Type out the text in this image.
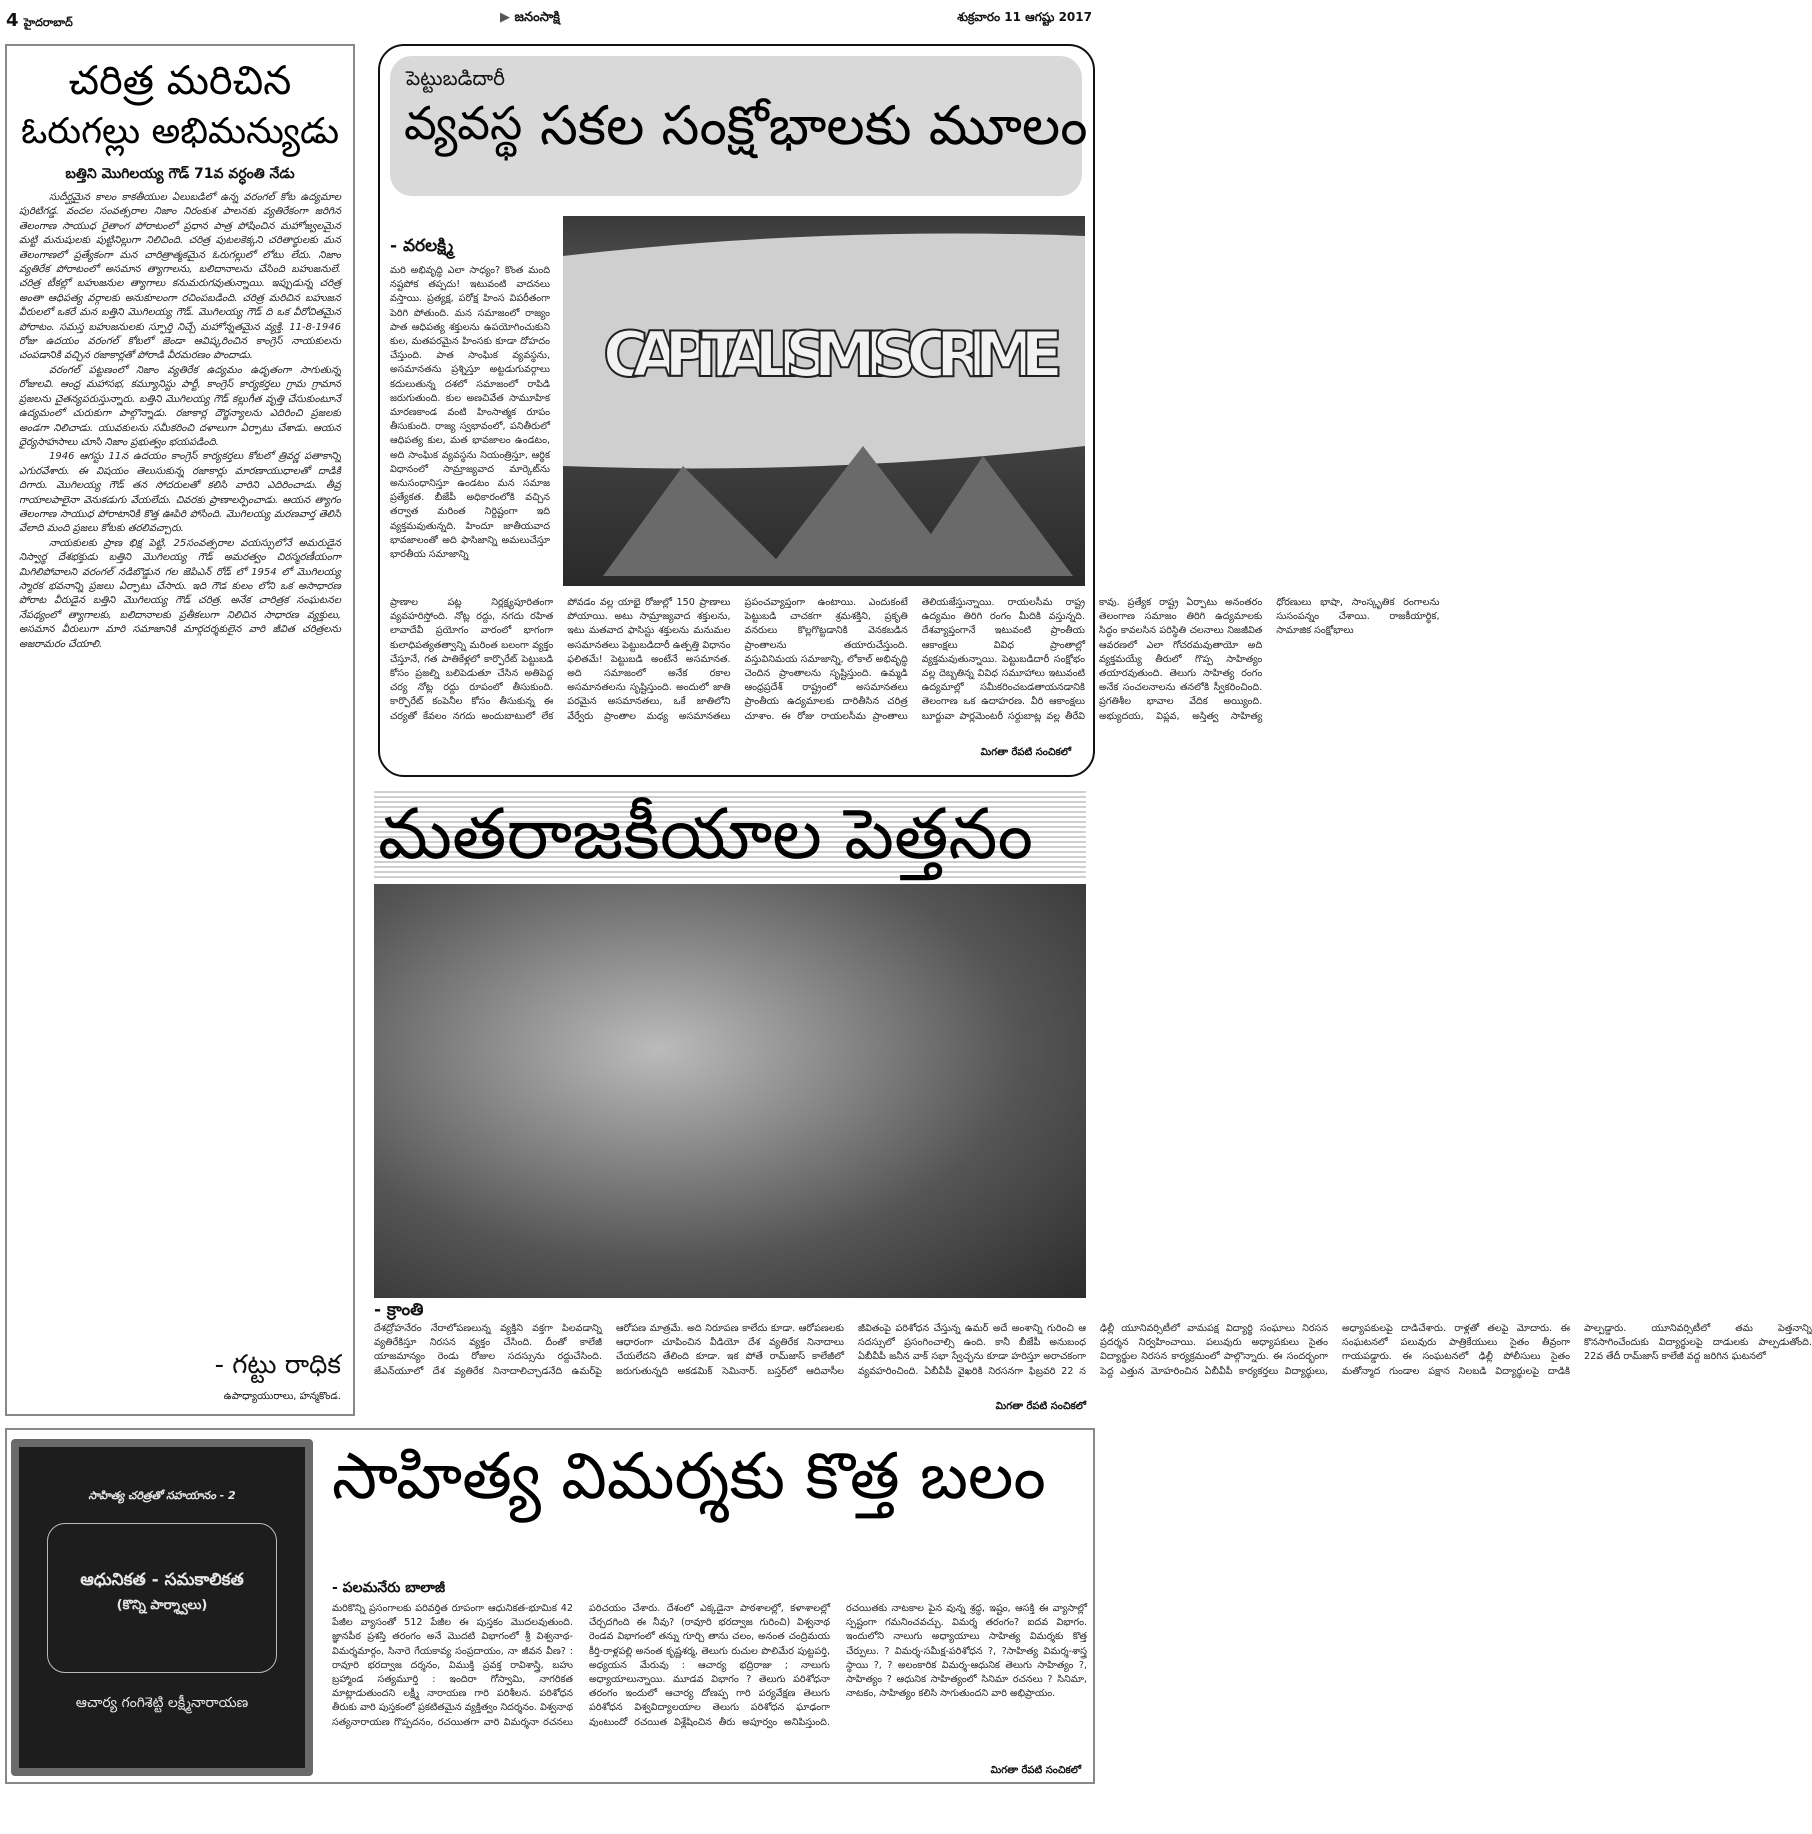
4 హైదరాబాద్	▶ జనంసాక్షి	శుక్రవారం 11 ఆగష్టు 2017
చరిత్ర మరిచిన
ఓరుగల్లు అభిమన్యుడు
బత్తిని మొగిలయ్య గౌడ్ 71వ వర్ధంతి నేడు

సుదీర్ఘమైన కాలం కాకతీయుల ఏలుబడిలో ఉన్న వరంగల్ కోట ఉద్యమాల పురిటిగడ్డ. వందల సంవత్సరాల నిజాం నిరంకుశ పాలనకు వ్యతిరేకంగా జరిగిన తెలంగాణ సాయుధ రైతాంగ పోరాటంలో ప్రధాన పాత్ర పోషించిన మహోజ్వలమైన మట్టి మనుషులకు పుట్టినిల్లుగా నిలిచింది. చరిత్ర పుటలకెక్కని చరితార్థులకు మన తెలంగాణలో ప్రత్యేకంగా మన చారిత్రాత్మకమైన ఓరుగల్లులో లోటు లేదు. నిజాం వ్యతిరేక పోరాటంలో అసమాన త్యాగాలను, బలిదానాలను చేసింది బహుజనులే. చరిత్ర టీకల్లో బహుజనుల త్యాగాలు కనుమరుగవుతున్నాయి. ఇప్పుడున్న చరిత్ర అంతా ఆధిపత్య వర్గాలకు అనుకూలంగా రచింపబడింది. చరిత్ర మరిచిన బహుజన వీరులలో ఒకరే మన బత్తిని మొగిలయ్య గౌడ్. మొగిలయ్య గౌడ్ ది ఒక వీరోచితమైన పోరాటం. సమస్త బహుజనులకు స్ఫూర్తి నిచ్చే మహోన్నతమైన వ్యక్తి. 11-8-1946 రోజు ఉదయం వరంగల్ కోటలో జెండా ఆవిష్కరించిన కాంగ్రెస్ నాయకులను చంపడానికి వచ్చిన రజాకార్లతో పోరాడి వీరమరణం పొందాడు.

వరంగల్ పట్టణంలో నిజాం వ్యతిరేక ఉద్యమం ఉధృతంగా సాగుతున్న రోజులవి. ఆంధ్ర మహాసభ, కమ్యూనిస్టు పార్టీ, కాంగ్రెస్ కార్యకర్తలు గ్రామ గ్రామాన ప్రజలను చైతన్యపరుస్తున్నారు. బత్తిని మొగిలయ్య గౌడ్ కల్లుగీత వృత్తి చేసుకుంటూనే ఉద్యమంలో చురుకుగా పాల్గొన్నాడు. రజాకార్ల దౌర్జన్యాలను ఎదిరించి ప్రజలకు అండగా నిలిచాడు. యువకులను సమీకరించి దళాలుగా ఏర్పాటు చేశాడు. ఆయన ధైర్యసాహసాలు చూసి నిజాం ప్రభుత్వం భయపడింది.

1946 ఆగస్టు 11న ఉదయం కాంగ్రెస్ కార్యకర్తలు కోటలో త్రివర్ణ పతాకాన్ని ఎగురవేశారు. ఈ విషయం తెలుసుకున్న రజాకార్లు మారణాయుధాలతో దాడికి దిగారు. మొగిలయ్య గౌడ్ తన సోదరులతో కలిసి వారిని ఎదిరించాడు. తీవ్ర గాయాలపాలైనా వెనుకడుగు వేయలేదు. చివరకు ప్రాణాలర్పించాడు. ఆయన త్యాగం తెలంగాణ సాయుధ పోరాటానికి కొత్త ఊపిరి పోసింది. మొగిలయ్య మరణవార్త తెలిసి వేలాది మంది ప్రజలు కోటకు తరలివచ్చారు.

నాయకులకు ప్రాణ భిక్ష పెట్టి, 25సంవత్సరాల వయస్సులోనే అమరుడైన నిస్వార్థ దేశభక్తుడు బత్తిని మొగిలయ్య గౌడ్ అమరత్వం చిరస్మరణీయంగా మిగిలిపోవాలని వరంగల్ నడిబొడ్డున గల జెపిఎన్ రోడ్ లో 1954 లో మొగిలయ్య స్మారక భవనాన్ని ప్రజలు ఏర్పాటు చేసారు. ఇది గౌడ కులం లోని ఒక అసాధారణ పోరాట వీరుడైన బత్తిని మొగిలయ్య గౌడ్ చరిత్ర. అనేక చారిత్రక సంఘటనల నేపథ్యంలో త్యాగాలకు, బలిదానాలకు ప్రతీకలుగా నిలిచిన సాధారణ వ్యక్తులు, అసమాన వీరులుగా మారి సమాజానికి మార్గదర్శకులైన వారి జీవిత చరిత్రలను అజరామరం చేయాలి.

- గట్టు రాధిక
ఉపాధ్యాయురాలు, హన్మకొండ.
పెట్టుబడిదారీ
వ్యవస్థ సకల సంక్షోభాలకు మూలం
- వరలక్ష్మి
మరి అభివృద్ధి ఎలా సాధ్యం? కొంత మంది నష్టపోక తప్పదు! ఇటువంటి వాదనలు వస్తాయి. ప్రత్యక్ష, పరోక్ష హింస విపరీతంగా పెరిగి పోతుంది. మన సమాజంలో రాజ్యం పాత ఆధిపత్య శక్తులను ఉపయోగించుకుని కుల, మతపరమైన హింసకు కూడా దోహదం చేస్తుంది. పాత సాంఘిక వ్యవస్థను, అసమానతను ప్రశ్నిస్తూ అట్టడుగువర్గాలు కదులుతున్న దశలో సమాజంలో రాపిడి జరుగుతుంది. కుల అణచివేత సామూహిక మారణకాండ వంటి హింసాత్మక రూపం తీసుకుంది. రాజ్య స్వభావంలో, పనితీరులో ఆధిపత్య కుల, మత భావజాలం ఉండటం, అది సాంఘిక వ్యవస్థను నియంత్రిస్తూ, ఆర్థిక విధానంలో సామ్రాజ్యవాద మార్కెట్‌ను అనుసంధానిస్తూ ఉండటం మన సమాజ ప్రత్యేకత. బీజేపీ అధికారంలోకి వచ్చిన తర్వాత మరింత నిర్దిష్టంగా ఇది వ్యక్తమవుతున్నది. హిందూ జాతీయవాద భావజాలంతో అది ఫాసిజాన్ని అమలుచేస్తూ భారతీయ సమాజాన్ని
CAPITALISM IS CRIME
ప్రాణాల పట్ల నిర్లక్ష్యపూరితంగా వ్యవహరిస్తోంది. నోట్ల రద్దు, నగదు రహిత లావాదేవీ ప్రయోగం వారంలో భాగంగా కులాధిపత్యతత్వాన్ని మరింత బలంగా వ్యక్తం చేస్తూనే, గత పాతికేళ్లలో కార్పొరేట్ పెట్టుబడి కోసం ప్రజల్ని బలిపెడుతూ చేసిన అతిపెద్ద చర్య నోట్ల రద్దు రూపంలో తీసుకుంది. కార్పొరేట్ కంపెనీల కోసం తీసుకున్న ఈ చర్యతో కేవలం నగదు అందుబాటులో లేక పోవడం వల్ల యాభై రోజుల్లో 150 ప్రాణాలు పోయాయి. అటు సామ్రాజ్యవాద శక్తులను, ఇటు మతవాద ఫాసిస్టు శక్తులను మనుమల అసమానతలు పెట్టుబడిదారీ ఉత్పత్తి విధానం ఫలితమే! పెట్టుబడి అంటేనే అసమానత. అది సమాజంలో అనేక రకాల అసమానతలను సృష్టిస్తుంది. అందులో జాతి పరమైన అసమానతలు, ఒకే జాతిలోని వేర్వేరు ప్రాంతాల మధ్య అసమానతలు ప్రపంచవ్యాప్తంగా ఉంటాయి. ఎందుకంటే పెట్టుబడి చాచకగా శ్రమశక్తిని, ప్రకృతి వనరులు కొల్లగొట్టడానికి వెనకబడిన ప్రాంతాలను తయారుచేస్తుంది. వస్తువినిమయ సమాజాన్ని, లోకాల్ అభివృద్ధి చెందిన ప్రాంతాలను సృష్టిస్తుంది. ఉమ్మడి ఆంధ్రప్రదేశ్ రాష్ట్రంలో అసమానతలు ప్రాంతీయ ఉద్యమాలకు దారితీసిన చరిత్ర చూశాం. ఈ రోజు రాయలసీమ ప్రాంతాలు తెలియజేస్తున్నాయి. రాయలసీమ రాష్ట్ర ఉద్యమం తిరిగి రంగం మీదికి వస్తున్నది. దేశవ్యాప్తంగానే ఇటువంటి ప్రాంతీయ ఆకాంక్షలు వివిధ ప్రాంతాల్లో వ్యక్తమవుతున్నాయి. పెట్టుబడిదారీ సంక్షోభం వల్ల దెబ్బతిన్న వివిధ సమూహాలు ఇటువంటి ఉద్యమాల్లో సమీకరించబడతాయనడానికి తెలంగాణ ఒక ఉదాహరణ. వీరి ఆకాంక్షలు బూర్జువా పార్లమెంటరీ సర్దుబాట్ల వల్ల తీరేవి కావు. ప్రత్యేక రాష్ట్ర ఏర్పాటు అనంతరం తెలంగాణ సమాజం తిరిగి ఉద్యమాలకు సిద్ధం కావలసిన పరిస్థితి చలనాలు నిజజీవిత ఆవరణలో ఎలా గోచరమవుతాయో అది వ్యక్తమయ్యే తీరులో గొప్ప సాహిత్యం తయారవుతుంది. తెలుగు సాహిత్య రంగం అనేక సంచలనాలను తనలోకి స్వీకరించింది. ప్రగతిశీల భావాల వేదిక అయ్యింది. అభ్యుదయ, విప్లవ, అస్తిత్వ సాహిత్య ధోరణులు భాషా, సాంస్కృతిక రంగాలను సుసంపన్నం చేశాయి. రాజకీయార్థిక, సామాజిక సంక్షోభాలు
మిగతా రేపటి సంచికలో
మతరాజకీయాల పెత్తనం
- క్రాంతి
దేశద్రోహనేరం నేరాలోపణలున్న వ్యక్తిని వక్తగా పిలవడాన్ని వ్యతిరేకిస్తూ నిరసన వ్యక్తం చేసింది. దీంతో కాలేజీ యాజమాన్యం రెండు రోజుల సదస్సును రద్దుచేసింది. జేఎన్‌యూలో దేశ వ్యతిరేక నినాదాలిచ్చాడనేది ఉమర్‌పై ఆరోపణ మాత్రమే. అది నిరూపణ కాలేదు కూడా. ఆరోపణలకు ఆధారంగా చూపించిన వీడియో దేశ వ్యతిరేక నినాదాలు చేయలేదని తేలింది కూడా. ఇక పోతే రామ్‌జాస్ కాలేజీలో జరుగుతున్నది అకడమిక్ సెమినార్. బస్తర్‌లో ఆదివాసీల జీవితంపై పరిశోధన చేస్తున్న ఉమర్ అదే అంశాన్ని గురించి ఆ సదస్సులో ప్రసంగించాల్సి ఉంది. కానీ బీజేపీ అనుబంధ ఏబీవీపీ జనీన వాక్ సభా స్వేచ్ఛను కూడా హరిస్తూ అరాచకంగా వ్యవహరించింది. ఏబీవీపీ వైఖరికి నిరసనగా ఫిబ్రవరి 22 న ఢిల్లీ యూనివర్సిటీలో వామపక్ష విద్యార్థి సంఘాలు నిరసన ప్రదర్శన నిర్వహించాయి. పలువురు అధ్యాపకులు సైతం విద్యార్థుల నిరసన కార్యక్రమంలో పాల్గొన్నారు. ఈ సందర్భంగా పెద్ద ఎత్తున మోహరించిన ఏబీవీపీ కార్యకర్తలు విద్యార్థులు, అధ్యాపకులపై దాడిచేశారు. రాళ్లతో తలపై మోదారు. ఈ సంఘటనలో పలువురు పాత్రికేయులు సైతం తీవ్రంగా గాయపడ్డారు. ఈ సంఘటనలో ఢిల్లీ పోలీసులు సైతం మతోన్మాద గుండాల పక్షాన నిలబడి విద్యార్థులపై దాడికి పాల్పడ్డారు. యూనివర్సిటీలో తమ పెత్తనాన్ని కొనసాగించేందుకు విద్యార్థులపై దాడులకు పాల్పడుతోంది. 22వ తేదీ రామ్‌జాస్ కాలేజీ వద్ద జరిగిన ఘటనలో
మిగతా రేపటి సంచికలో
సాహిత్య చరిత్రతో సహయానం - 2
ఆధునికత - సమకాలికత
(కొన్ని పార్శ్వాలు)
ఆచార్య గంగిశెట్టి లక్ష్మీనారాయణ
సాహిత్య విమర్శకు కొత్త బలం
- పలమనేరు బాలాజీ
మరికొన్ని ప్రసంగాలకు పరివర్తిత రూపంగా ఆధునికత-భూమిక 42 పేజీల వ్యాసంతో 512 పేజీల ఈ పుస్తకం మొదలవుతుంది. జ్ఞానపీఠ ప్రశస్తి తరంగం అనే మొదటి విభాగంలో శ్రీ విశ్వనాథ- విమర్శమార్గం, సినారె గేయకావ్య సంప్రదాయం, నా జీవన వీణ? : రావూరి భరద్వాజ దర్శనం, విముక్తి ప్రవక్త రావిశాస్త్రి, బహు బ్రహ్మాండ సత్యమూర్తి : ఇందిరా గోస్వామి, నాగరికత మాట్లాడుతుందని లక్ష్మీ నారాయణ గారి పరిశీలన. పరిశోధన తీరుకు వారి పుస్తకంలో ప్రకటితమైన వ్యక్తిత్వం నిదర్శనం. విశ్వనాథ సత్యనారాయణ గొప్పదనం, రచయితగా వారి విమర్శనా రచనలు పరిచయం చేశారు. దేశంలో ఎక్కడైనా పాఠశాలల్లో, కళాశాలల్లో చేర్చదగింది ఈ నీవు? (రావూరి భరద్వాజ గురించి) విశ్వనాథ రెండవ విభాగంలో తన్ను గూర్చి తాను చలం, అనంత చంద్రిమయ కీర్తి-రాళ్లపల్లి అనంత కృష్ణశర్మ, తెలుగు రుచుల పొలిమేర పుట్టపర్తి, అధ్యయన మేరువు : ఆచార్య భద్రిరాజు ; నాలుగు అధ్యాయాలున్నాయి. మూడవ విభాగం ? తెలుగు పరిశోధనా తరంగం ఇందులో ఆచార్య దోణప్ప గారి పర్యవేక్షణ తెలుగు పరిశోధన విశ్వవిద్యాలయాల తెలుగు పరిశోధన ఘాఢంగా వుంటుందో రచయిత విశ్లేషించిన తీరు అపూర్వం అనిపిస్తుంది. రచయితకు నాటకాల పైన వున్న శ్రద్ధ, ఇష్టం, ఆసక్తి ఈ వ్యాసాల్లో స్పష్టంగా గమనించవచ్చు. విమర్శ తరంగం? ఐదవ విభాగం. ఇందులోని నాలుగు అధ్యాయాలు సాహిత్య విమర్శకు కొత్త చేర్పులు. ? విమర్శ-సమీక్ష-పరిశోధన ?, ?సాహిత్య విమర్శ-శాస్త్ర స్థాయి ?, ? అలంకారిక విమర్శ-ఆధునిక తెలుగు సాహిత్యం ?, సాహిత్యం ? ఆధునిక సాహిత్యంలో సినిమా రచనలు ? సినిమా, నాటకం, సాహిత్యం కలిసి సాగుతుందని వారి అభిప్రాయం.
మిగతా రేపటి సంచికలో
